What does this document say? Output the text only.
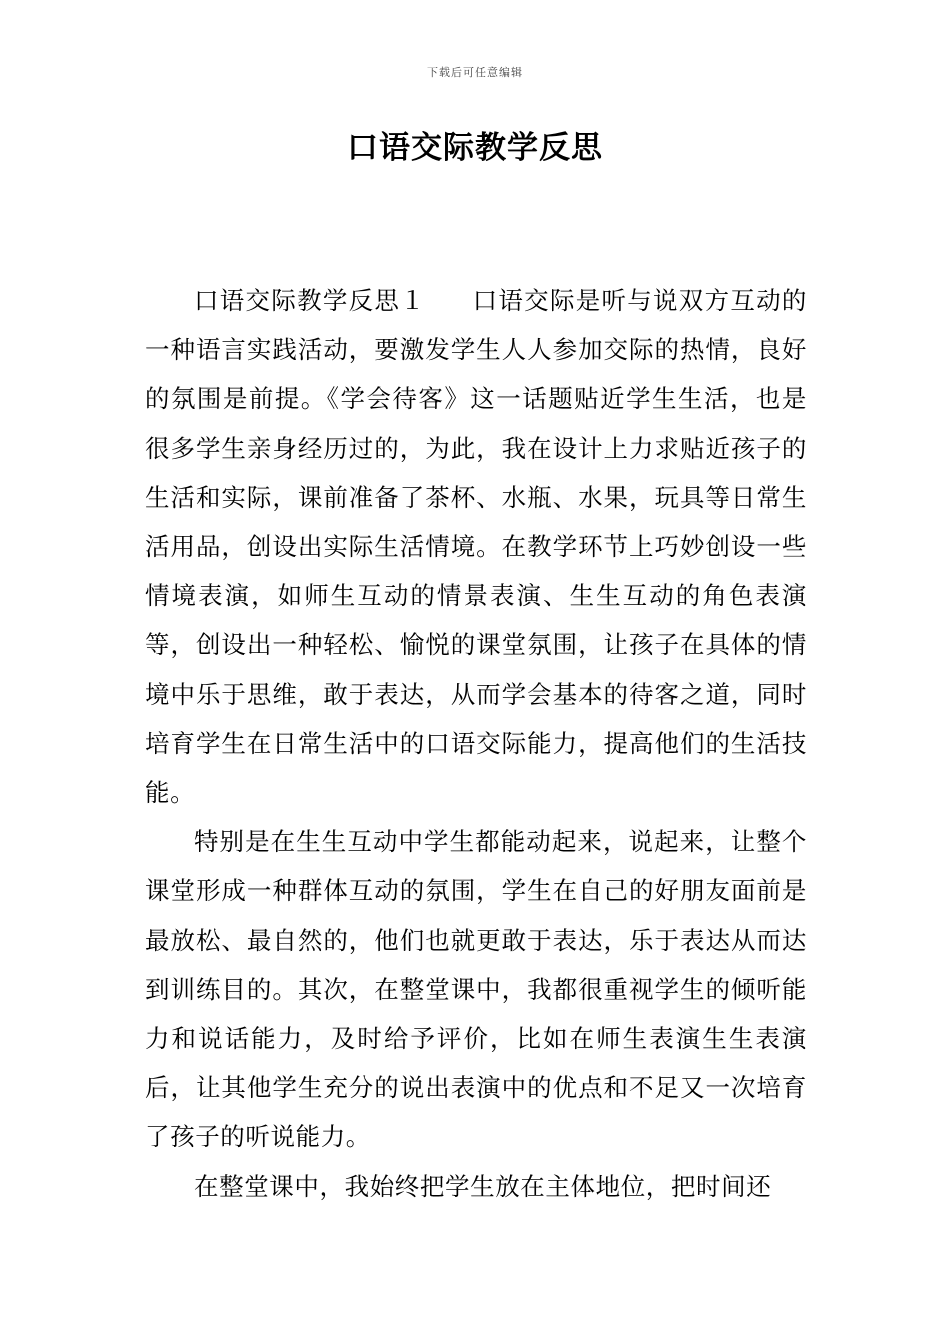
下载后可任意编辑
口语交际教学反思

口语交际教学反思１ 口语交际是听与说双方互动的一种语言实践活动，要激发学生人人参加交际的热情，良好的氛围是前提。《学会待客》这一话题贴近学生生活，也是很多学生亲身经历过的，为此，我在设计上力求贴近孩子的生活和实际，课前准备了茶杯、水瓶、水果，玩具等日常生活用品，创设出实际生活情境。在教学环节上巧妙创设一些情境表演，如师生互动的情景表演、生生互动的角色表演等，创设出一种轻松、愉悦的课堂氛围，让孩子在具体的情境中乐于思维，敢于表达，从而学会基本的待客之道，同时培育学生在日常生活中的口语交际能力，提高他们的生活技能。

特别是在生生互动中学生都能动起来，说起来，让整个课堂形成一种群体互动的氛围，学生在自己的好朋友面前是最放松、最自然的，他们也就更敢于表达，乐于表达从而达到训练目的。其次，在整堂课中，我都很重视学生的倾听能力和说话能力，及时给予评价，比如在师生表演生生表演后，让其他学生充分的说出表演中的优点和不足又一次培育了孩子的听说能力。

在整堂课中，我始终把学生放在主体地位，把时间还
